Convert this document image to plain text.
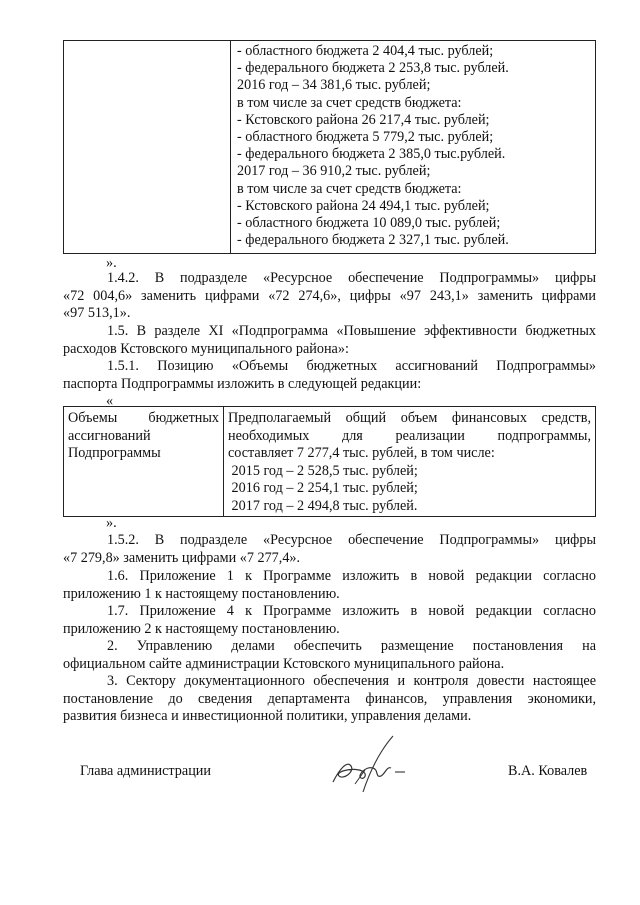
- областного бюджета 2 404,4 тыс. рублей;
- федерального бюджета 2 253,8 тыс. рублей.
2016 год – 34 381,6 тыс. рублей;
в том числе за счет средств бюджета:
- Кстовского района 26 217,4 тыс. рублей;
- областного бюджета 5 779,2 тыс. рублей;
- федерального бюджета 2 385,0 тыс.рублей.
2017 год – 36 910,2 тыс. рублей;
в том числе за счет средств бюджета:
- Кстовского района 24 494,1 тыс. рублей;
- областного бюджета 10 089,0 тыс. рублей;
- федерального бюджета 2 327,1 тыс. рублей.
».
1.4.2. В подразделе «Ресурсное обеспечение Подпрограммы» цифры
«72 004,6» заменить цифрами «72 274,6», цифры «97 243,1» заменить цифрами
«97 513,1».
1.5. В разделе XI «Подпрограмма «Повышение эффективности бюджетных
расходов Кстовского муниципального района»:
1.5.1. Позицию «Объемы бюджетных ассигнований Подпрограммы»
паспорта Подпрограммы изложить в следующей редакции:
«
Объемы бюджетных
ассигнований
Подпрограммы

Предполагаемый общий объем финансовых средств,
необходимых для реализации подпрограммы,
составляет 7 277,4 тыс. рублей, в том числе:
2015 год – 2 528,5 тыс. рублей;
2016 год – 2 254,1 тыс. рублей;
2017 год – 2 494,8 тыс. рублей.
».
1.5.2. В подразделе «Ресурсное обеспечение Подпрограммы» цифры
«7 279,8» заменить цифрами «7 277,4».
1.6. Приложение 1 к Программе изложить в новой редакции согласно
приложению 1 к настоящему постановлению.
1.7. Приложение 4 к Программе изложить в новой редакции согласно
приложению 2 к настоящему постановлению.
2. Управлению делами обеспечить размещение постановления на
официальном сайте администрации Кстовского муниципального района.
3. Сектору документационного обеспечения и контроля довести настоящее
постановление до сведения департамента финансов, управления экономики,
развития бизнеса и инвестиционной политики, управления делами.
Глава администрации	В.А. Ковалев
